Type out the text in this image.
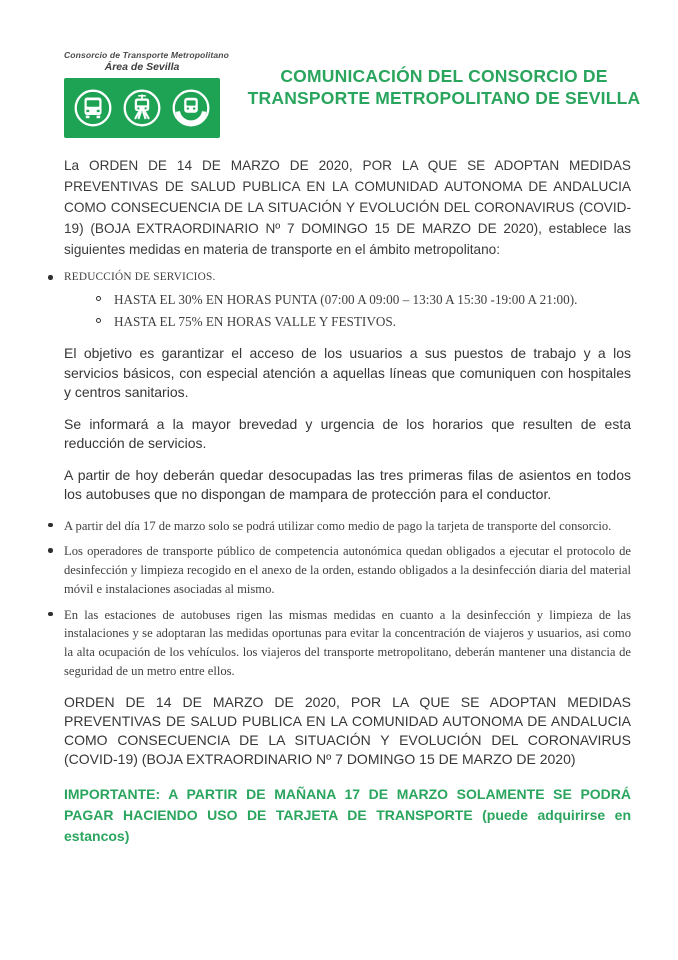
Consorcio de Transporte Metropolitano
Área de Sevilla	COMUNICACIÓN DEL CONSORCIO DE TRANSPORTE METROPOLITANO DE SEVILLA

La ORDEN DE 14 DE MARZO DE 2020, POR LA QUE SE ADOPTAN MEDIDAS PREVENTIVAS DE SALUD PUBLICA EN LA COMUNIDAD AUTONOMA DE ANDALUCIA COMO CONSECUENCIA DE LA SITUACIÓN Y EVOLUCIÓN DEL CORONAVIRUS (COVID-19) (BOJA EXTRAORDINARIO Nº 7 DOMINGO 15 DE MARZO DE 2020), establece las siguientes medidas en materia de transporte en el ámbito metropolitano:

REDUCCIÓN DE SERVICIOS.
HASTA EL 30% EN HORAS PUNTA (07:00 A 09:00 – 13:30 A 15:30 -19:00 A 21:00).
HASTA EL 75% EN HORAS VALLE Y FESTIVOS.

El objetivo es garantizar el acceso de los usuarios a sus puestos de trabajo y a los servicios básicos, con especial atención a aquellas líneas que comuniquen con hospitales y centros sanitarios.

Se informará a la mayor brevedad y urgencia de los horarios que resulten de esta reducción de servicios.

A partir de hoy deberán quedar desocupadas las tres primeras filas de asientos en todos los autobuses que no dispongan de mampara de protección para el conductor.

A partir del día 17 de marzo solo se podrá utilizar como medio de pago la tarjeta de transporte del consorcio.
Los operadores de transporte público de competencia autonómica quedan obligados a ejecutar el protocolo de desinfección y limpieza recogido en el anexo de la orden, estando obligados a la desinfección diaria del material móvil e instalaciones asociadas al mismo.
En las estaciones de autobuses rigen las mismas medidas en cuanto a la desinfección y limpieza de las instalaciones y se adoptaran las medidas oportunas para evitar la concentración de viajeros y usuarios, asi como la alta ocupación de los vehículos. los viajeros del transporte metropolitano, deberán mantener una distancia de seguridad de un metro entre ellos.

ORDEN DE 14 DE MARZO DE 2020, POR LA QUE SE ADOPTAN MEDIDAS PREVENTIVAS DE SALUD PUBLICA EN LA COMUNIDAD AUTONOMA DE ANDALUCIA COMO CONSECUENCIA DE LA SITUACIÓN Y EVOLUCIÓN DEL CORONAVIRUS (COVID-19) (BOJA EXTRAORDINARIO Nº 7 DOMINGO 15 DE MARZO DE 2020)

IMPORTANTE: A PARTIR DE MAÑANA 17 DE MARZO SOLAMENTE SE PODRÁ PAGAR HACIENDO USO DE TARJETA DE TRANSPORTE (puede adquirirse en estancos)
